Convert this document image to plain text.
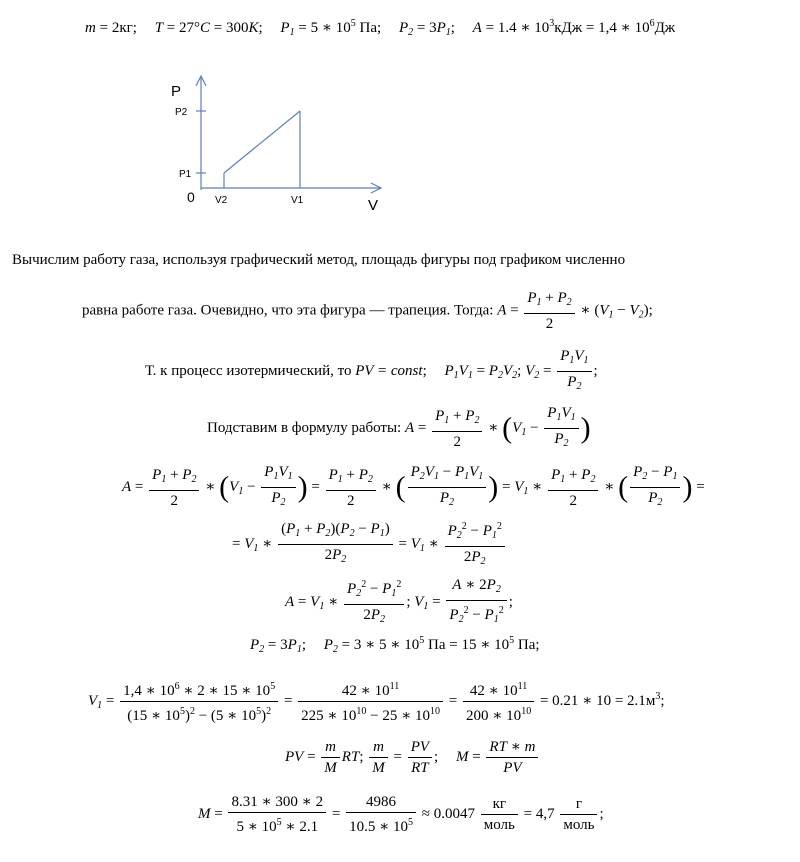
m = 2кг; T = 27°C = 300K; $P_1 = 5$ ∗ $10^5$ Па; $P_2 = 3P_1$; A = 1.4 ∗ $10^3кДж = 1,4$ ∗ $10^6Дж$
P
P2
P1
0 V2	V1	V
Вычислим работу газа, используя графический метод, площадь фигуры под графиком численно
равна работе газа. Очевидно, что эта фигура — трапеция. Тогда: $A = \frac{P_1 + P_2}{2}$ ∗ $(V_1 - V_2)$;
Т. к процесс изотермический, то PV = const; $P_1V_1 = P_2V_2$; $V_2 = \frac{P_1V_1}{P_2}$ ;
Подставим в формулу работы: $A = \frac{P_1 + P_2}{2}$ ∗ ($V_1 - \frac{P_1V_1}{P_2}$ )
$A = \frac{P_1 + P_2}{2}$ ∗ ($V_1 - \frac{P_1V_1}{P_2}$ ) = $\frac{P_1 + P_2}{2}$ ∗ ( $\frac{P_2V_1 - P_1V_1}{P_2}$ ) = $V_1$ ∗ $\frac{P_1 + P_2}{2}$ ∗ ( $\frac{P_2 - P_1}{P_2}$ ) =
= $V_1$ ∗ $\frac{(P_1 + P_2)(P_2 - P_1)}{2P_2} = V_1$ ∗ $\frac{P_2^2 - P_1^2}{2P_2}$
$A = V_1$ ∗ $\frac{P_2^2 - P_1^2}{2P_2}$ ; $V_1 = \frac{A ∗ 2P_2}{P_2^2 - P_1^2}$ ;
$P_2 = 3P_1$; $P_2 = 3$ ∗ 5 ∗ $10^5$ Па = 15 ∗ $10^5$ Па;
$V_1 = \frac{1,4 ∗ 10^6 ∗ 2 ∗ 15 ∗ 10^5}{(15 ∗ 10^5)^2 - (5 ∗ 10^5)^2} = \frac{42 ∗ 10^{11}}{225 ∗ 10^{10} - 25 ∗ 10^{10}} = \frac{42 ∗ 10^{11}}{200 ∗ 10^{10}} = 0.21$ ∗ $10 = 2.1м^3$;
PV = $\frac{m}{M}$ RT; $\frac{m}{M} = \frac{PV}{RT}$ ; $M = \frac{RT ∗ m}{PV}$
$M = \frac{8.31 ∗ 300 ∗ 2}{5 ∗ 10^5 ∗ 2.1} = \frac{4986}{10.5 ∗ 10^5} \approx 0.0047 \frac{кг}{\text{моль}} = 4,7 \frac{г}{\text{моль}}$ ;
